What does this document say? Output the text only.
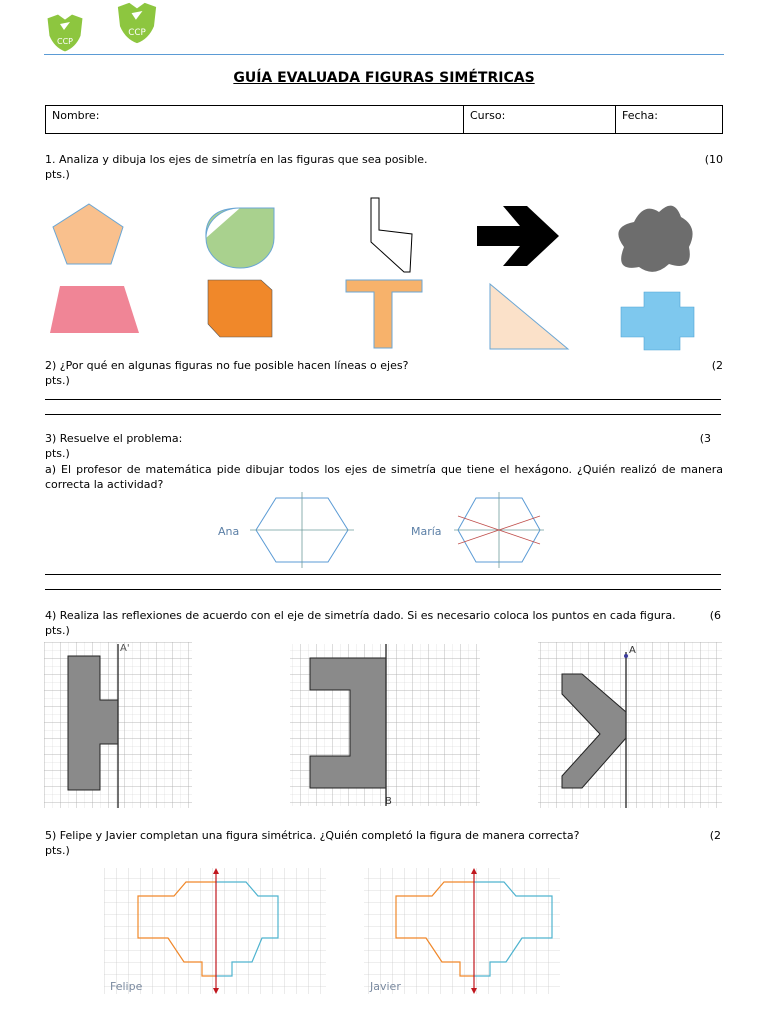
CCP
CCP
GUÍA EVALUADA FIGURAS SIMÉTRICAS
Nombre:	Curso:	Fecha:
1. Analiza y dibuja los ejes de simetría en las figuras que sea posible.	(10

pts.)
2) ¿Por qué en algunas figuras no fue posible hacen líneas o ejes?	(2

pts.)
3) Resuelve el problema:	(3

pts.)
a) El profesor de matemática pide dibujar todos los ejes de simetría que tiene el hexágono. ¿Quién realizó de manera correcta la actividad?
Ana	María
4) Realiza las reflexiones de acuerdo con el eje de simetría dado. Si es necesario coloca los puntos en cada figura.	(6

pts.)
A'
B
A
5) Felipe y Javier completan una figura simétrica. ¿Quién completó la figura de manera correcta?	(2

pts.)
Felipe	Javier
